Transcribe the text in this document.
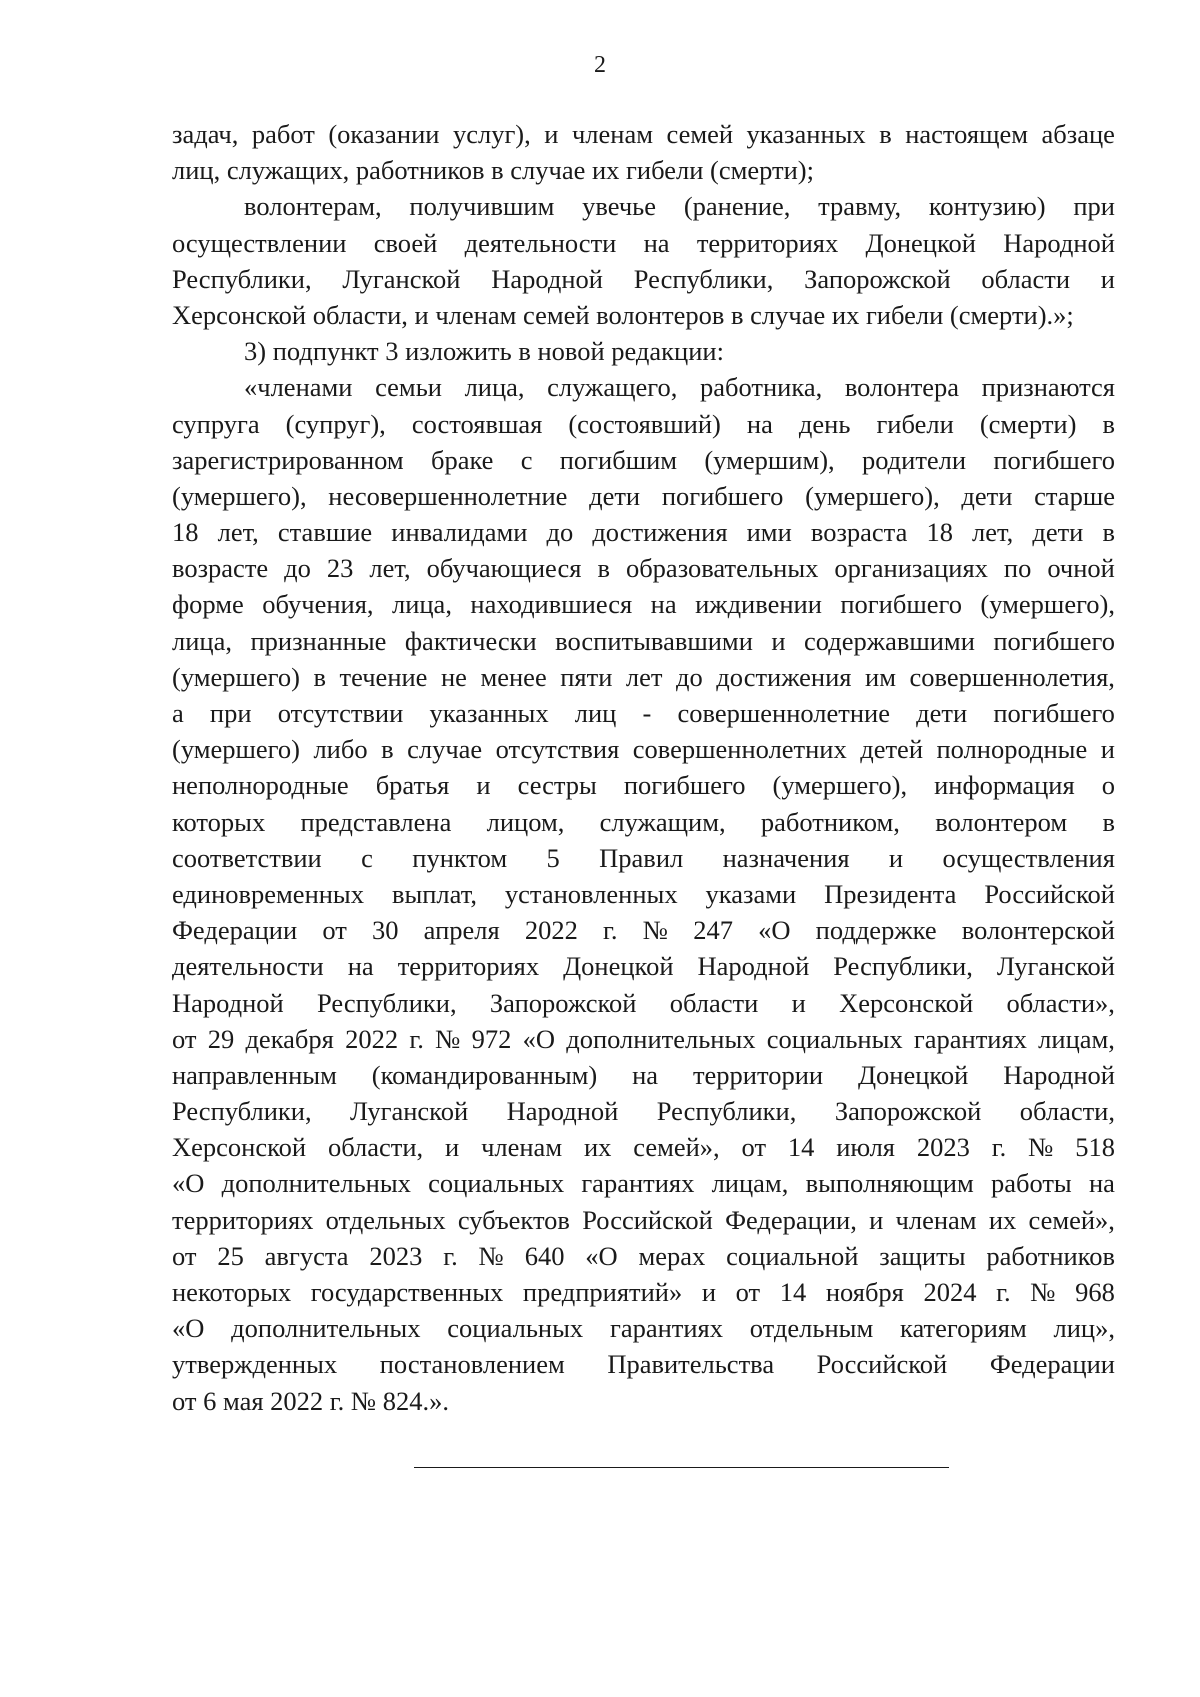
2
задач, работ (оказании услуг), и членам семей указанных в настоящем абзаце
лиц, служащих, работников в случае их гибели (смерти);
волонтерам, получившим увечье (ранение, травму, контузию) при
осуществлении своей деятельности на территориях Донецкой Народной
Республики, Луганской Народной Республики, Запорожской области и
Херсонской области, и членам семей волонтеров в случае их гибели (смерти).»;
3) подпункт 3 изложить в новой редакции:
«членами семьи лица, служащего, работника, волонтера признаются
супруга (супруг), состоявшая (состоявший) на день гибели (смерти) в
зарегистрированном браке с погибшим (умершим), родители погибшего
(умершего), несовершеннолетние дети погибшего (умершего), дети старше
18 лет, ставшие инвалидами до достижения ими возраста 18 лет, дети в
возрасте до 23 лет, обучающиеся в образовательных организациях по очной
форме обучения, лица, находившиеся на иждивении погибшего (умершего),
лица, признанные фактически воспитывавшими и содержавшими погибшего
(умершего) в течение не менее пяти лет до достижения им совершеннолетия,
а при отсутствии указанных лиц - совершеннолетние дети погибшего
(умершего) либо в случае отсутствия совершеннолетних детей полнородные и
неполнородные братья и сестры погибшего (умершего), информация о
которых представлена лицом, служащим, работником, волонтером в
соответствии с пунктом 5 Правил назначения и осуществления
единовременных выплат, установленных указами Президента Российской
Федерации от 30 апреля 2022 г. № 247 «О поддержке волонтерской
деятельности на территориях Донецкой Народной Республики, Луганской
Народной Республики, Запорожской области и Херсонской области»,
от 29 декабря 2022 г. № 972 «О дополнительных социальных гарантиях лицам,
направленным (командированным) на территории Донецкой Народной
Республики, Луганской Народной Республики, Запорожской области,
Херсонской области, и членам их семей», от 14 июля 2023 г. № 518
«О дополнительных социальных гарантиях лицам, выполняющим работы на
территориях отдельных субъектов Российской Федерации, и членам их семей»,
от 25 августа 2023 г. № 640 «О мерах социальной защиты работников
некоторых государственных предприятий» и от 14 ноября 2024 г. № 968
«О дополнительных социальных гарантиях отдельным категориям лиц»,
утвержденных постановлением Правительства Российской Федерации
от 6 мая 2022 г. № 824.».
